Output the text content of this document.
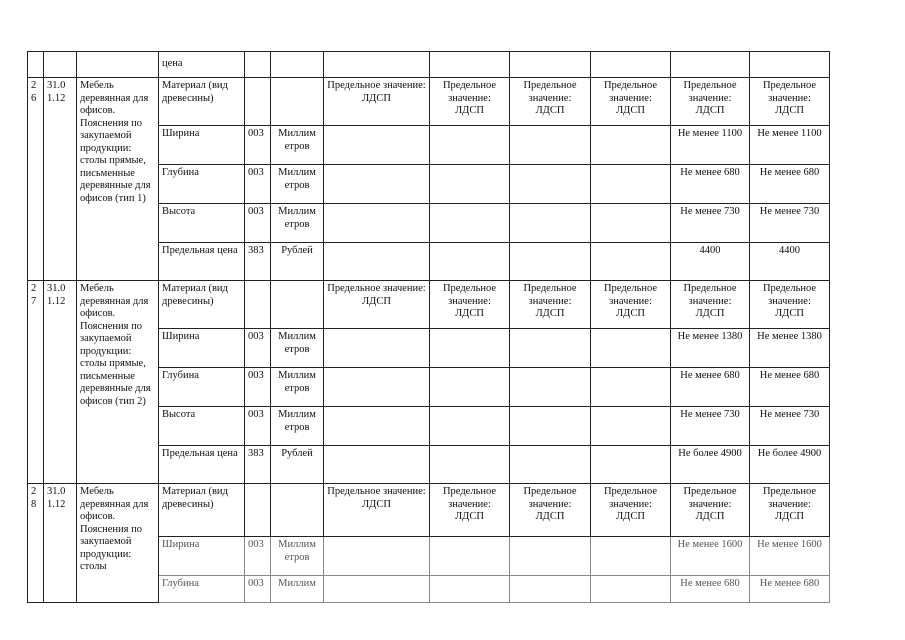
			цена								
2 6	31.0 1.12	Мебель деревянная для офисов. Пояснения по закупаемой продукции: столы прямые, письменные деревянные для офисов (тип 1)	Материал (вид древесины)			Предельное значение: ЛДСП	Предельное значение: ЛДСП	Предельное значение: ЛДСП	Предельное значение: ЛДСП	Предельное значение: ЛДСП	Предельное значение: ЛДСП
			Ширина	003	Миллим етров					Не менее 1100	Не менее 1100
			Глубина	003	Миллим етров					Не менее 680	Не менее 680
			Высота	003	Миллим етров					Не менее 730	Не менее 730
			Предельная цена	383	Рублей					4400	4400
2 7	31.0 1.12	Мебель деревянная для офисов. Пояснения по закупаемой продукции: столы прямые, письменные деревянные для офисов (тип 2)	Материал (вид древесины)			Предельное значение: ЛДСП	Предельное значение: ЛДСП	Предельное значение: ЛДСП	Предельное значение: ЛДСП	Предельное значение: ЛДСП	Предельное значение: ЛДСП
			Ширина	003	Миллим етров					Не менее 1380	Не менее 1380
			Глубина	003	Миллим етров					Не менее 680	Не менее 680
			Высота	003	Миллим етров					Не менее 730	Не менее 730
			Предельная цена	383	Рублей					Не более 4900	Не более 4900
2 8	31.0 1.12	Мебель деревянная для офисов. Пояснения по закупаемой продукции: столы	Материал (вид древесины)			Предельное значение: ЛДСП	Предельное значение: ЛДСП	Предельное значение: ЛДСП	Предельное значение: ЛДСП	Предельное значение: ЛДСП	Предельное значение: ЛДСП
			Ширина	003	Миллим етров					Не менее 1600	Не менее 1600
			Глубина	003	Миллим					Не менее 680	Не менее 680
